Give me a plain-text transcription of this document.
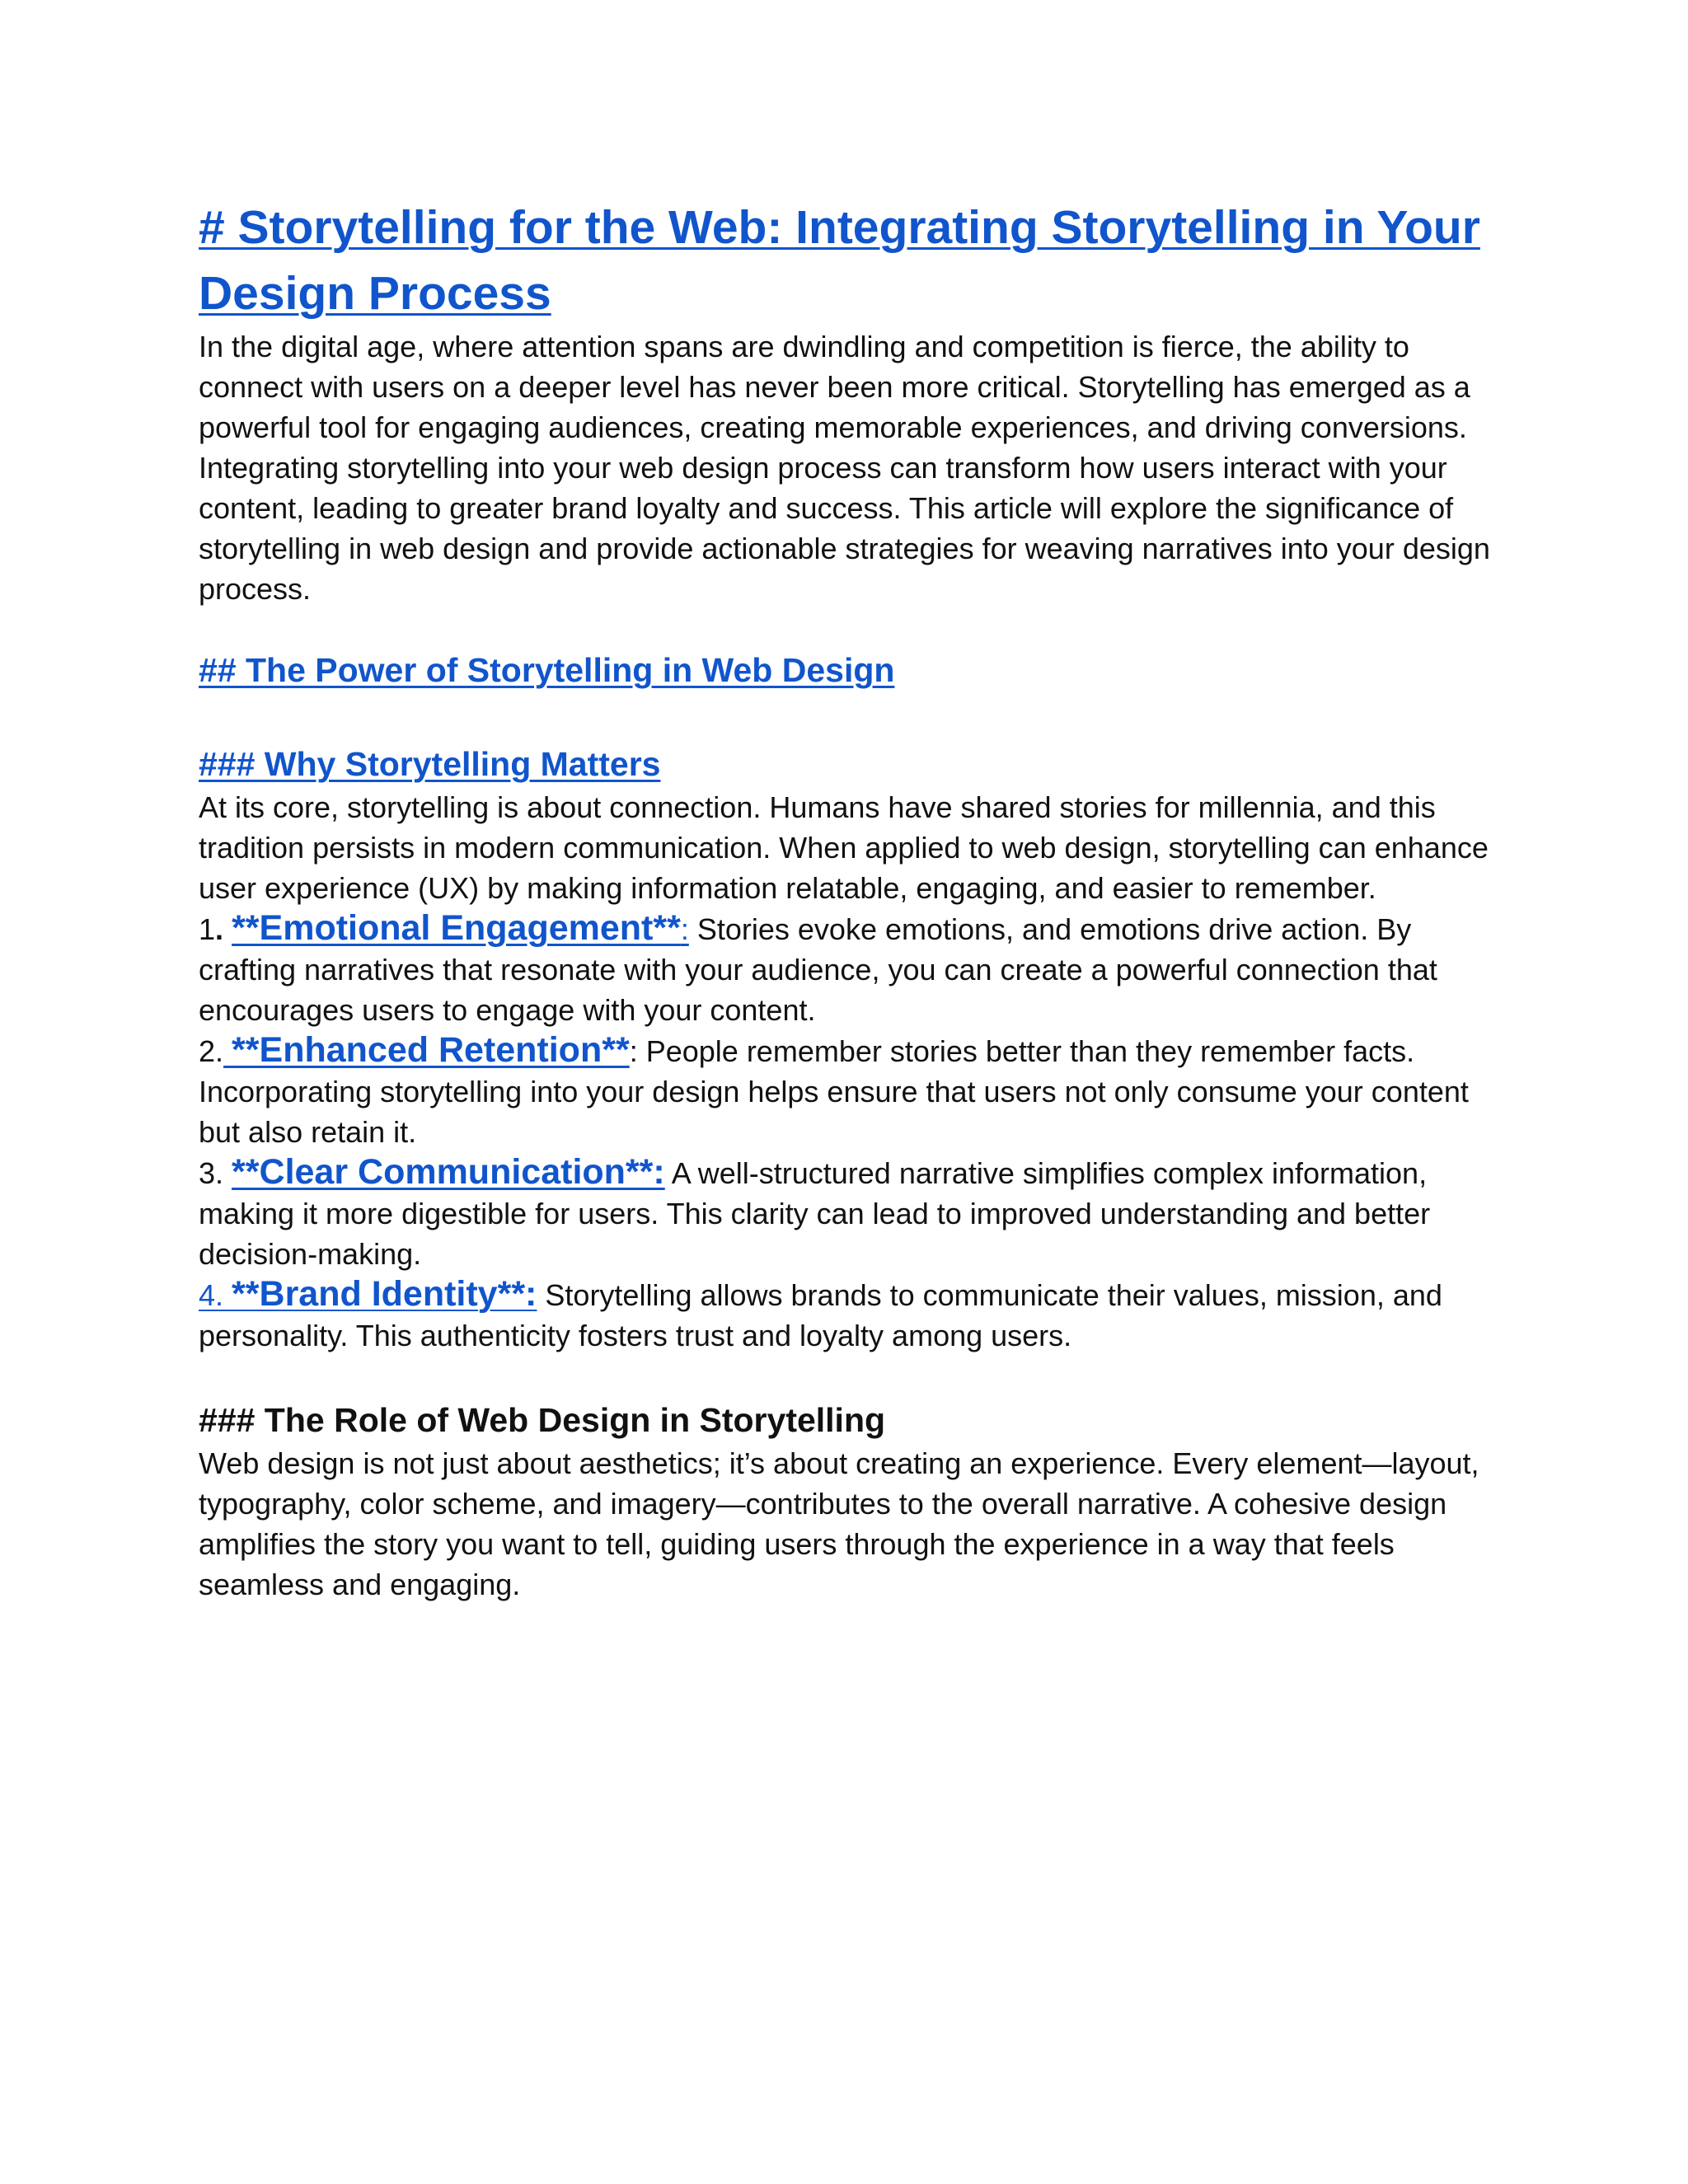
# Storytelling for the Web: Integrating Storytelling in Your Design Process

In the digital age, where attention spans are dwindling and competition is fierce, the ability to connect with users on a deeper level has never been more critical. Storytelling has emerged as a powerful tool for engaging audiences, creating memorable experiences, and driving conversions. Integrating storytelling into your web design process can transform how users interact with your content, leading to greater brand loyalty and success. This article will explore the significance of storytelling in web design and provide actionable strategies for weaving narratives into your design process.

## The Power of Storytelling in Web Design
### Why Storytelling Matters

At its core, storytelling is about connection. Humans have shared stories for millennia, and this tradition persists in modern communication. When applied to web design, storytelling can enhance user experience (UX) by making information relatable, engaging, and easier to remember.

1. **Emotional Engagement**: Stories evoke emotions, and emotions drive action. By crafting narratives that resonate with your audience, you can create a powerful connection that encourages users to engage with your content.

2. **Enhanced Retention**: People remember stories better than they remember facts. Incorporating storytelling into your design helps ensure that users not only consume your content but also retain it.

3. **Clear Communication**: A well-structured narrative simplifies complex information, making it more digestible for users. This clarity can lead to improved understanding and better decision-making.

4. **Brand Identity**: Storytelling allows brands to communicate their values, mission, and personality. This authenticity fosters trust and loyalty among users.

### The Role of Web Design in Storytelling

Web design is not just about aesthetics; it’s about creating an experience. Every element—layout, typography, color scheme, and imagery—contributes to the overall narrative. A cohesive design amplifies the story you want to tell, guiding users through the experience in a way that feels seamless and engaging.
